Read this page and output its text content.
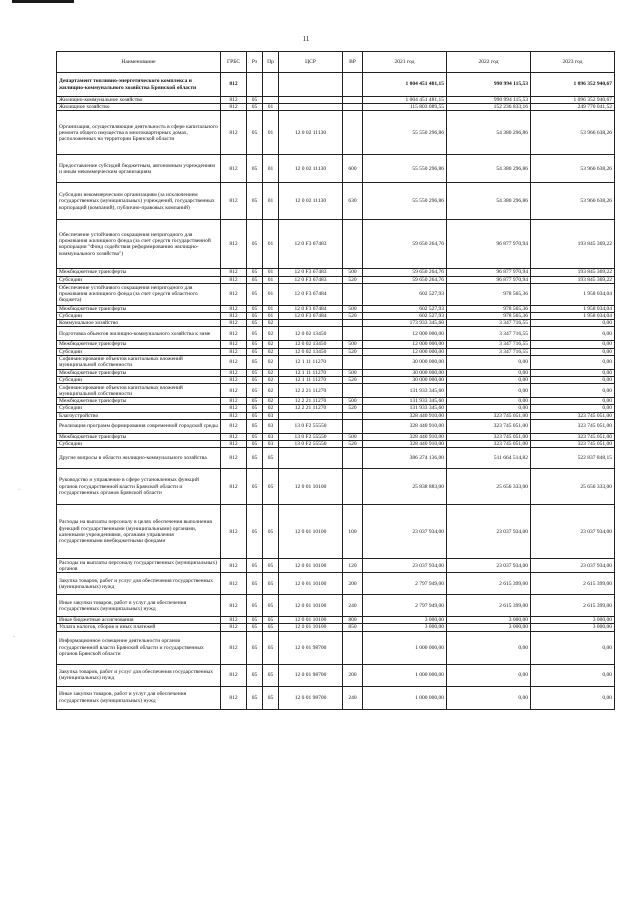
11
·
·
Наименование	ГРБС	Рз	Пр	ЦСР	ВР	2021 год	2022 год	2023 год
Департамент топливно-энергетического комплекса и жилищно-коммунального хозяйства Брянской области	812					1 004 451 481,15	990 994 115,53	1 096 352 940,67
Жилищно-коммунальное хозяйство	812	05				1 004 451 481,15	990 994 115,53	1 096 352 940,67
Жилищное хозяйство	812	05	01			115 803 089,55	152 236 833,16	249 770 041,52
Организация, осуществляющие деятельность в сфере капитального ремонта общего имущества в многоквартирных домах, расположенных на территории Брянской области	812	05	01	12 0 02 11130		55 550 296,86	54 380 296,86	53 966 638,26
Предоставление субсидий бюджетным, автономным учреждениям и иным некоммерческим организациям	812	05	01	12 0 02 11130	600	55 550 296,86	54 380 296,86	53 966 638,26
Субсидии некоммерческим организациям (за исключением государственных (муниципальных) учреждений, государственных корпораций (компаний), публично-правовых компаний)	812	05	01	12 0 02 11130	630	55 550 296,86	54 380 296,86	53 966 638,26
Обеспечение устойчивого сокращения непригодного для проживания жилищного фонда (за счет средств государственной корпорации "Фонд содействия реформированию жилищно-коммунального хозяйства")	812	05	01	12 0 F3 67483		59 650 264,76	96 877 970,94	193 845 369,22
Межбюджетные трансферты	812	05	01	12 0 F3 67483	500	59 650 264,76	96 877 970,94	193 845 369,22
Субсидии	812	05	01	12 0 F3 67483	520	59 650 264,76	96 877 970,94	193 845 369,22
Обеспечение устойчивого сокращения непригодного для проживания жилищного фонда (за счет средств областного бюджета)	812	05	01	12 0 F3 67484		602 527,93	978 565,36	1 958 034,04
Межбюджетные трансферты	812	05	01	12 0 F3 67484	500	602 527,93	978 565,36	1 958 034,04
Субсидии	812	05	01	12 0 F3 67484	520	602 527,93	978 565,36	1 958 034,04
Коммунальное хозяйство	812	05	02			173 933 345,60	3 347 716,55	0,00
Подготовка объектов жилищно-коммунального хозяйства к зиме	812	05	02	12 0 02 13450		12 000 000,00	3 347 716,55	0,00
Межбюджетные трансферты	812	05	02	12 0 02 13450	500	12 000 000,00	3 347 716,55	0,00
Субсидии	812	05	02	12 0 02 13450	520	12 000 000,00	3 347 716,55	0,00
Софинансирование объектов капитальных вложений муниципальной собственности	812	05	02	12 1 11 11270		30 000 000,00	0,00	0,00
Межбюджетные трансферты	812	05	02	12 1 11 11270	500	30 000 000,00	0,00	0,00
Субсидии	812	05	02	12 1 11 11270	520	30 000 000,00	0,00	0,00
Софинансирование объектов капитальных вложений муниципальной собственности	812	05	02	12 2 21 11270		131 933 345,60	0,00	0,00
Межбюджетные трансферты	812	05	02	12 2 21 11270	500	131 933 345,60	0,00	0,00
Субсидии	812	05	02	12 2 21 11270	520	131 933 345,60	0,00	0,00
Благоустройство	812	05	03			328 440 910,00	323 745 051,00	323 745 051,00
Реализация программ формирования современной городской среды	812	05	03	13 0 F2 55550		328 440 910,00	323 745 051,00	323 745 051,00
Межбюджетные трансферты	812	05	03	13 0 F2 55550	500	328 440 910,00	323 745 051,00	323 745 051,00
Субсидии	812	05	03	13 0 F2 55550	520	328 440 910,00	323 745 051,00	323 745 051,00
Другие вопросы в области жилищно-коммунального хозяйства	812	05	05			386 274 136,00	511 664 514,82	522 837 848,15
Руководство и управление в сфере установленных функций органов государственной власти Брянской области и государственных органов Брянской области	812	05	05	12 0 01 10100		25 838 883,00	25 656 333,00	25 656 333,00
Расходы на выплаты персоналу в целях обеспечения выполнения функций государственными (муниципальными) органами, казенными учреждениями, органами управления государственными внебюджетными фондами	812	05	05	12 0 01 10100	100	23 037 934,00	23 037 934,00	23 037 934,00
Расходы на выплаты персоналу государственных (муниципальных) органов	812	05	05	12 0 01 10100	120	23 037 934,00	23 037 934,00	23 037 934,00
Закупка товаров, работ и услуг для обеспечения государственных (муниципальных) нужд	812	05	05	12 0 01 10100	200	2 797 949,00	2 615 399,00	2 615 399,00
Иные закупки товаров, работ и услуг для обеспечения государственных (муниципальных) нужд	812	05	05	12 0 01 10100	240	2 797 949,00	2 615 399,00	2 615 399,00
Иные бюджетные ассигнования	812	05	05	12 0 01 10100	800	3 000,00	3 000,00	3 000,00
Уплата налогов, сборов и иных платежей	812	05	05	12 0 01 10100	850	3 000,00	3 000,00	3 000,00
Информационное освещение деятельности органов государственной власти Брянской области и государственных органов Брянской области	812	05	05	12 0 01 98700		1 000 000,00	0,00	0,00
Закупка товаров, работ и услуг для обеспечения государственных (муниципальных) нужд	812	05	05	12 0 01 98700	200	1 000 000,00	0,00	0,00
Иные закупки товаров, работ и услуг для обеспечения государственных (муниципальных) нужд	812	05	05	12 0 01 98700	240	1 000 000,00	0,00	0,00
